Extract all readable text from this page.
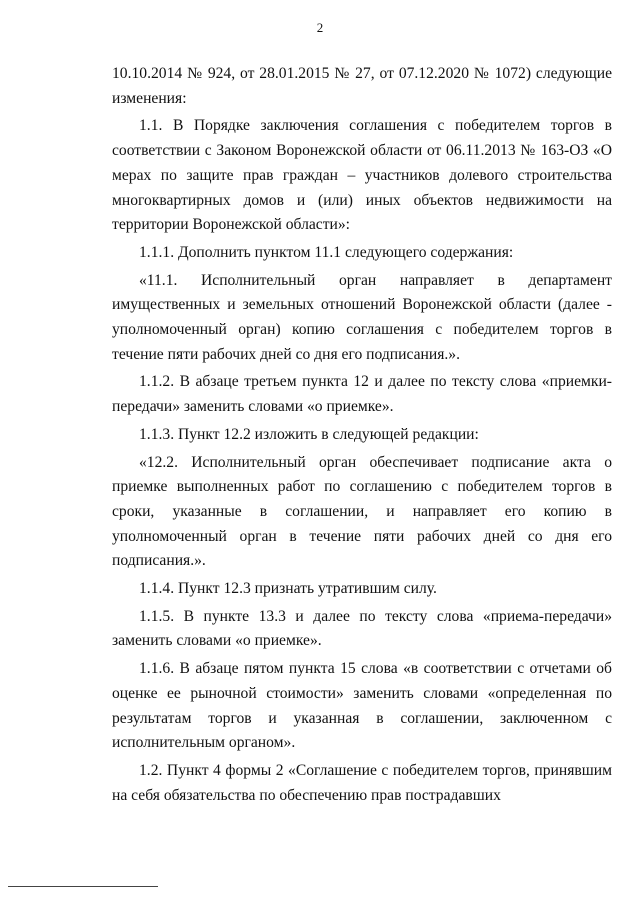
2

10.10.2014 № 924, от 28.01.2015 № 27, от 07.12.2020 № 1072) следующие изменения:

1.1. В Порядке заключения соглашения с победителем торгов в соответствии с Законом Воронежской области от 06.11.2013 № 163-ОЗ «О мерах по защите прав граждан – участников долевого строительства многоквартирных домов и (или) иных объектов недвижимости на территории Воронежской области»:

1.1.1. Дополнить пунктом 11.1 следующего содержания:

«11.1. Исполнительный орган направляет в департамент имущественных и земельных отношений Воронежской области (далее - уполномоченный орган) копию соглашения с победителем торгов в течение пяти рабочих дней со дня его подписания.».

1.1.2. В абзаце третьем пункта 12 и далее по тексту слова «приемки-передачи» заменить словами «о приемке».

1.1.3. Пункт 12.2 изложить в следующей редакции:

«12.2. Исполнительный орган обеспечивает подписание акта о приемке выполненных работ по соглашению с победителем торгов в сроки, указанные в соглашении, и направляет его копию в уполномоченный орган в течение пяти рабочих дней со дня его подписания.».

1.1.4. Пункт 12.3 признать утратившим силу.

1.1.5. В пункте 13.3 и далее по тексту слова «приема-передачи» заменить словами «о приемке».

1.1.6. В абзаце пятом пункта 15 слова «в соответствии с отчетами об оценке ее рыночной стоимости» заменить словами «определенная по результатам торгов и указанная в соглашении, заключенном с исполнительным органом».

1.2. Пункт 4 формы 2 «Соглашение с победителем торгов, принявшим на себя обязательства по обеспечению прав пострадавших
